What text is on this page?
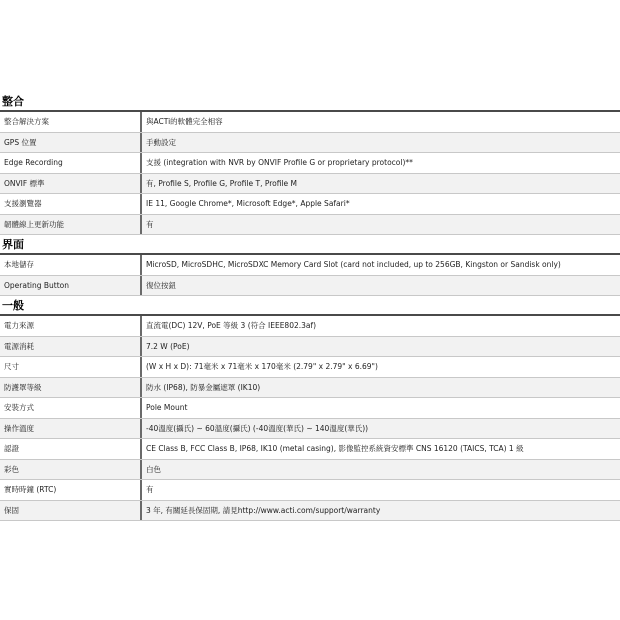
整合
整合解決方案	與ACTi的軟體完全相容
GPS 位置	手動設定
Edge Recording	支援 (integration with NVR by ONVIF Profile G or proprietary protocol)**
ONVIF 標準	有, Profile S, Profile G, Profile T, Profile M
支援瀏覽器	IE 11, Google Chrome*, Microsoft Edge*, Apple Safari*
韌體線上更新功能	有
界面
本地儲存	MicroSD, MicroSDHC, MicroSDXC Memory Card Slot (card not included, up to 256GB, Kingston or Sandisk only)
Operating Button	復位按鈕
一般
電力來源	直流電(DC) 12V, PoE 等級 3 (符合 IEEE802.3af)
電源消耗	7.2 W (PoE)
尺寸	(W x H x D): 71毫米 x 71毫米 x 170毫米 (2.79" x 2.79" x 6.69")
防護罩等級	防水 (IP68), 防暴金屬遮罩 (IK10)
安裝方式	Pole Mount
操作溫度	-40溫度(攝氏) ~ 60溫度(攝氏) (-40溫度(華氏) ~ 140溫度(華氏))
認證	CE Class B, FCC Class B, IP68, IK10 (metal casing), 影像監控系統資安標準 CNS 16120 (TAICS, TCA) 1 級
彩色	白色
實時時鐘 (RTC)	有
保固	3 年, 有關延長保固期, 請見http://www.acti.com/support/warranty
